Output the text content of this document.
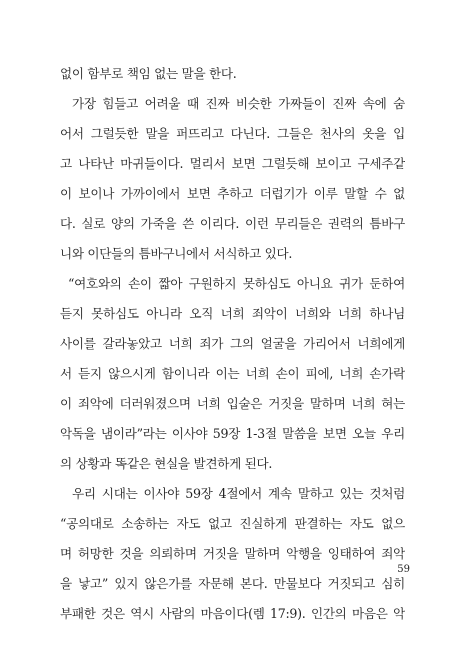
없이 함부로 책임 없는 말을 한다.
가장 힘들고 어려울 때 진짜 비슷한 가짜들이 진짜 속에 숨
어서 그럴듯한 말을 퍼뜨리고 다닌다. 그들은 천사의 옷을 입
고 나타난 마귀들이다. 멀리서 보면 그럴듯해 보이고 구세주같
이 보이나 가까이에서 보면 추하고 더럽기가 이루 말할 수 없
다. 실로 양의 가죽을 쓴 이리다. 이런 무리들은 권력의 틈바구
니와 이단들의 틈바구니에서 서식하고 있다.
“여호와의 손이 짧아 구원하지 못하심도 아니요 귀가 둔하여
듣지 못하심도 아니라 오직 너희 죄악이 너희와 너희 하나님
사이를 갈라놓았고 너희 죄가 그의 얼굴을 가리어서 너희에게
서 듣지 않으시게 함이니라 이는 너희 손이 피에, 너희 손가락
이 죄악에 더러워졌으며 너희 입술은 거짓을 말하며 너희 혀는
악독을 냄이라”라는 이사야 59장 1-3절 말씀을 보면 오늘 우리
의 상황과 똑같은 현실을 발견하게 된다.
우리 시대는 이사야 59장 4절에서 계속 말하고 있는 것처럼
“공의대로 소송하는 자도 없고 진실하게 판결하는 자도 없으
며 허망한 것을 의뢰하며 거짓을 말하며 악행을 잉태하여 죄악
을 낳고” 있지 않은가를 자문해 본다. 만물보다 거짓되고 심히
부패한 것은 역시 사람의 마음이다(렘 17:9). 인간의 마음은 악
59
